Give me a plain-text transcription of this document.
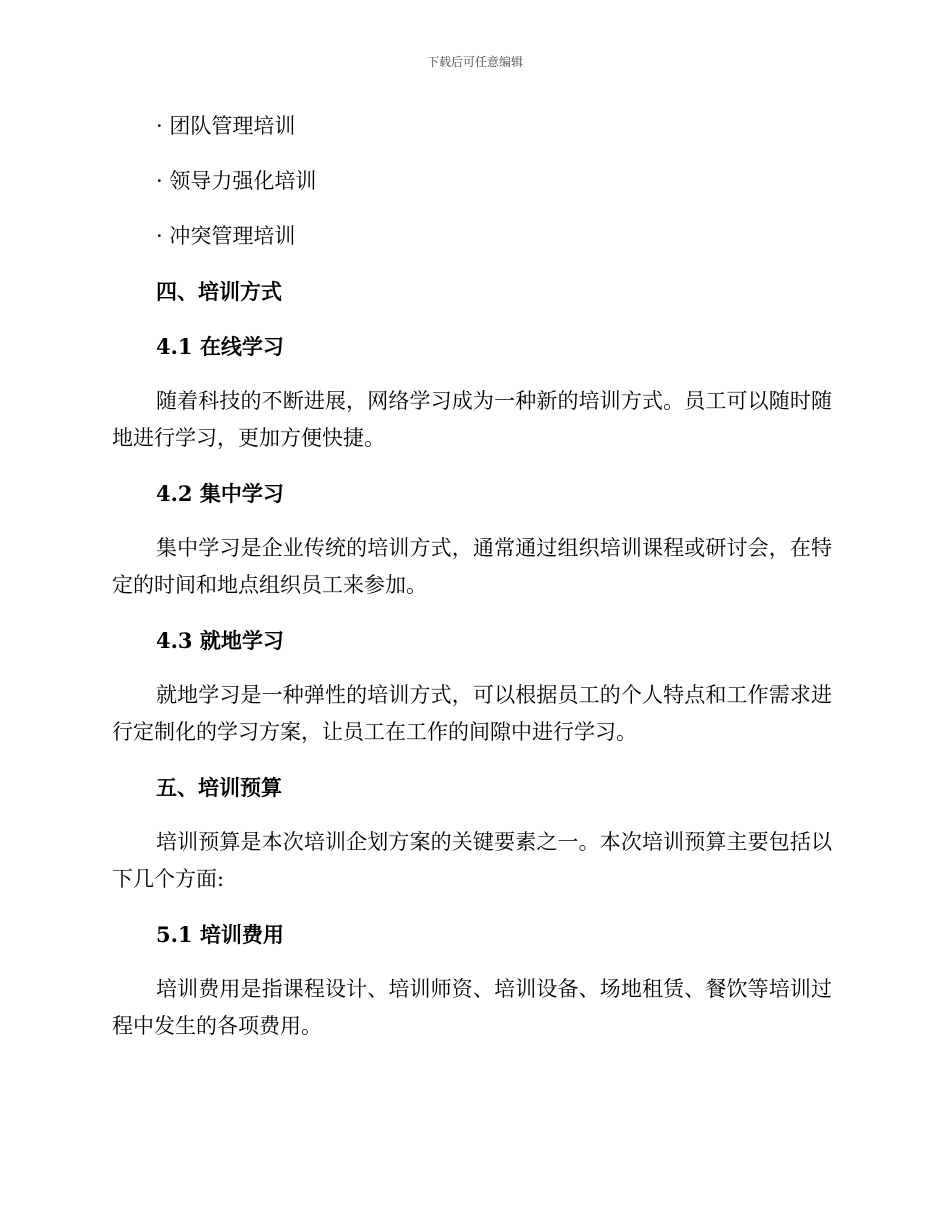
下载后可任意编辑

· 团队管理培训

· 领导力强化培训

· 冲突管理培训

四、培训方式

4.1 在线学习

随着科技的不断进展，网络学习成为一种新的培训方式。员工可以随时随地进行学习，更加方便快捷。

4.2 集中学习

集中学习是企业传统的培训方式，通常通过组织培训课程或研讨会，在特定的时间和地点组织员工来参加。

4.3 就地学习

就地学习是一种弹性的培训方式，可以根据员工的个人特点和工作需求进行定制化的学习方案，让员工在工作的间隙中进行学习。

五、培训预算

培训预算是本次培训企划方案的关键要素之一。本次培训预算主要包括以下几个方面:

5.1 培训费用

培训费用是指课程设计、培训师资、培训设备、场地租赁、餐饮等培训过程中发生的各项费用。
